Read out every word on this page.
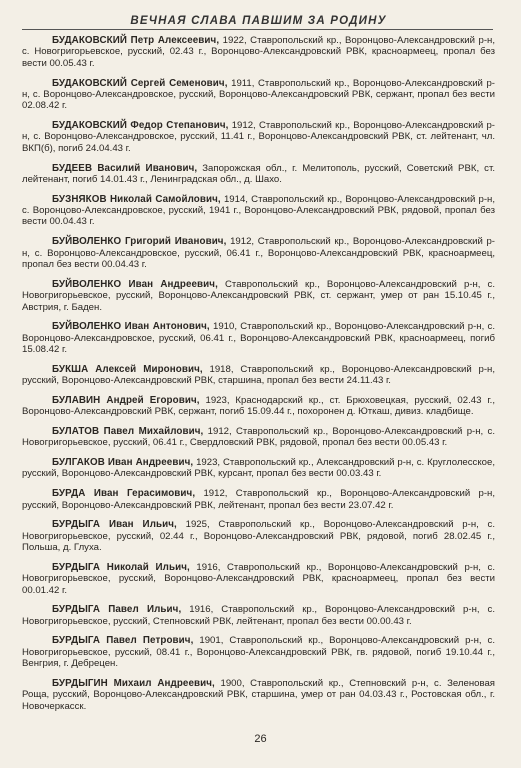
ВЕЧНАЯ СЛАВА ПАВШИМ ЗА РОДИНУ
БУДАКОВСКИЙ Петр Алексеевич, 1922, Ставропольский кр., Воронцово-Александровский р-н, с. Новогригорьевское, русский, 02.43 г., Воронцово-Александровский РВК, красноармеец, пропал без вести 00.05.43 г.
БУДАКОВСКИЙ Сергей Семенович, 1911, Ставропольский кр., Воронцово-Александровский р-н, с. Воронцово-Александровское, русский, Воронцово-Александровский РВК, сержант, пропал без вести 02.08.42 г.
БУДАКОВСКИЙ Федор Степанович, 1912, Ставропольский кр., Воронцово-Александровский р-н, с. Воронцово-Александровское, русский, 11.41 г., Воронцово-Александровский РВК, ст. лейтенант, чл. ВКП(б), погиб 24.04.43 г.
БУДЕЕВ Василий Иванович, Запорожская обл., г. Мелитополь, русский, Советский РВК, ст. лейтенант, погиб 14.01.43 г., Ленинградская обл., д. Шахо.
БУЗНЯКОВ Николай Самойлович, 1914, Ставропольский кр., Воронцово-Александровский р-н, с. Воронцово-Александровское, русский, 1941 г., Воронцово-Александровский РВК, рядовой, пропал без вести 00.04.43 г.
БУЙВОЛЕНКО Григорий Иванович, 1912, Ставропольский кр., Воронцово-Александровский р-н, с. Воронцово-Александровское, русский, 06.41 г., Воронцово-Александровский РВК, красноармеец, пропал без вести 00.04.43 г.
БУЙВОЛЕНКО Иван Андреевич, Ставропольский кр., Воронцово-Александровский р-н, с. Новогригорьевское, русский, Воронцово-Александровский РВК, ст. сержант, умер от ран 15.10.45 г., Австрия, г. Баден.
БУЙВОЛЕНКО Иван Антонович, 1910, Ставропольский кр., Воронцово-Александровский р-н, с. Воронцово-Александровское, русский, 06.41 г., Воронцово-Александровский РВК, красноармеец, погиб 15.08.42 г.
БУКША Алексей Миронович, 1918, Ставропольский кр., Воронцово-Александровский р-н, русский, Воронцово-Александровский РВК, старшина, пропал без вести 24.11.43 г.
БУЛАВИН Андрей Егорович, 1923, Краснодарский кр., ст. Брюховецкая, русский, 02.43 г., Воронцово-Александровский РВК, сержант, погиб 15.09.44 г., похоронен д. Юткаш, дивиз. кладбище.
БУЛАТОВ Павел Михайлович, 1912, Ставропольский кр., Воронцово-Александровский р-н, с. Новогригорьевское, русский, 06.41 г., Свердловский РВК, рядовой, пропал без вести 00.05.43 г.
БУЛГАКОВ Иван Андреевич, 1923, Ставропольский кр., Александровский р-н, с. Круглолесское, русский, Воронцово-Александровский РВК, курсант, пропал без вести 00.03.43 г.
БУРДА Иван Герасимович, 1912, Ставропольский кр., Воронцово-Александровский р-н, русский, Воронцово-Александровский РВК, лейтенант, пропал без вести 23.07.42 г.
БУРДЫГА Иван Ильич, 1925, Ставропольский кр., Воронцово-Александровский р-н, с. Новогригорьевское, русский, 02.44 г., Воронцово-Александровский РВК, рядовой, погиб 28.02.45 г., Польша, д. Глуха.
БУРДЫГА Николай Ильич, 1916, Ставропольский кр., Воронцово-Александровский р-н, с. Новогригорьевское, русский, Воронцово-Александровский РВК, красноармеец, пропал без вести 00.01.42 г.
БУРДЫГА Павел Ильич, 1916, Ставропольский кр., Воронцово-Александровский р-н, с. Новогригорьевское, русский, Степновский РВК, лейтенант, пропал без вести 00.00.43 г.
БУРДЫГА Павел Петрович, 1901, Ставропольский кр., Воронцово-Александровский р-н, с. Новогригорьевское, русский, 08.41 г., Воронцово-Александровский РВК, гв. рядовой, погиб 19.10.44 г., Венгрия, г. Дебрецен.
БУРДЫГИН Михаил Андреевич, 1900, Ставропольский кр., Степновский р-н, с. Зеленовая Роща, русский, Воронцово-Александровский РВК, старшина, умер от ран 04.03.43 г., Ростовская обл., г. Новочеркасск.
26
